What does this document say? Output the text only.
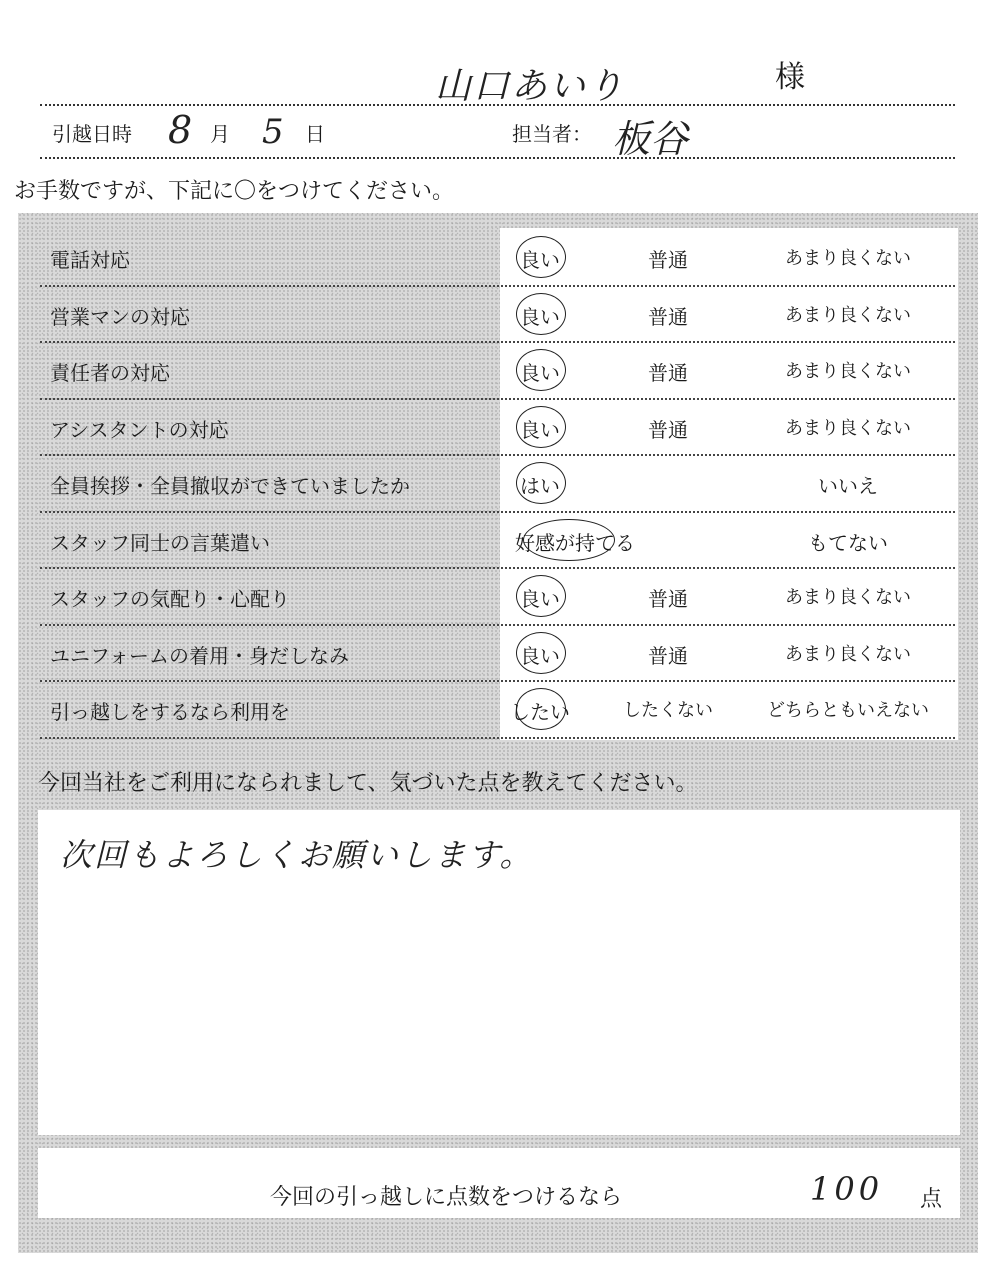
山口あいり	様
引越日時 8 月 5 日	担当者： 板谷
お手数ですが、下記に〇をつけてください。
電話対応	良い	普通	あまり良くない
営業マンの対応	良い	普通	あまり良くない
責任者の対応	良い	普通	あまり良くない
アシスタントの対応	良い	普通	あまり良くない
全員挨拶・全員撤収ができていましたか	はい	いいえ
スタッフ同士の言葉遣い	好感が持てる	もてない
スタッフの気配り・心配り	良い	普通	あまり良くない
ユニフォームの着用・身だしなみ	良い	普通	あまり良くない
引っ越しをするなら利用を	したい	したくない	どちらともいえない
今回当社をご利用になられまして、気づいた点を教えてください。
次回もよろしくお願いします。
今回の引っ越しに点数をつけるなら	100 点
